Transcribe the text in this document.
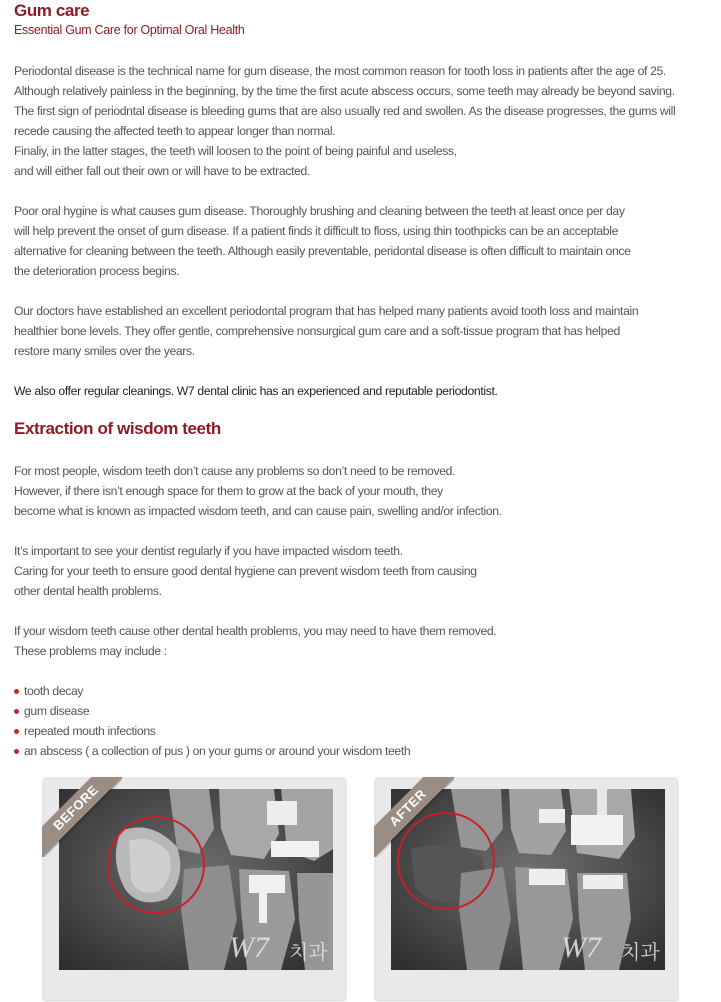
Gum care
Essential Gum Care for Optimal Oral Health
Periodontal disease is the technical name for gum disease, the most common reason for tooth loss in patients after the age of 25.
Although relatively painless in the beginning, by the time the first acute abscess occurs, some teeth may already be beyond saving.
The first sign of periodntal disease is bleeding gums that are also usually red and swollen. As the disease progresses, the gums will
recede causing the affected teeth to appear longer than normal.
Finaliy, in the latter stages, the teeth will loosen to the point of being painful and useless,
and will either fall out their own or will have to be extracted.
Poor oral hygine is what causes gum disease. Thoroughly brushing and cleaning between the teeth at least once per day
will help prevent the onset of gum disease. If a patient finds it difficult to floss, using thin toothpicks can be an acceptable
alternative for cleaning between the teeth. Although easily preventable, peridontal disease is often difficult to maintain once
the deterioration process begins.
Our doctors have established an excellent periodontal program that has helped many patients avoid tooth loss and maintain
healthier bone levels. They offer gentle, comprehensive nonsurgical gum care and a soft-tissue program that has helped
restore many smiles over the years.
We also offer regular cleanings. W7 dental clinic has an experienced and reputable periodontist.
Extraction of wisdom teeth
For most people, wisdom teeth don’t cause any problems so don’t need to be removed.
However, if there isn’t enough space for them to grow at the back of your mouth, they
become what is known as impacted wisdom teeth, and can cause pain, swelling and/or infection.
It’s important to see your dentist regularly if you have impacted wisdom teeth.
Caring for your teeth to ensure good dental hygiene can prevent wisdom teeth from causing
other dental health problems.
If your wisdom teeth cause other dental health problems, you may need to have them removed.
These problems may include :
tooth decay
gum disease
repeated mouth infections
an abscess ( a collection of pus ) on your gums or around your wisdom teeth
W7 치과
BEFORE
W7 치과
AFTER
